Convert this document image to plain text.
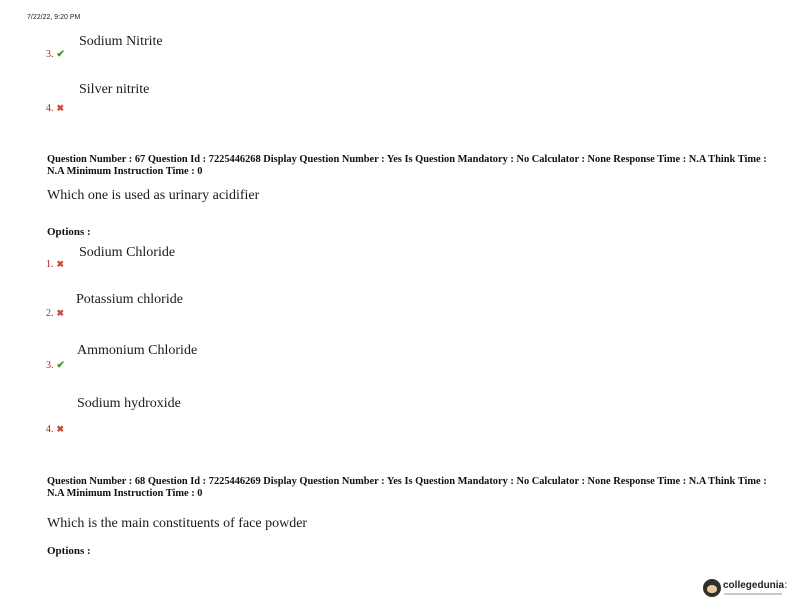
7/22/22, 9:20 PM
Sodium Nitrite
3. ✔
Silver nitrite
4. ✖
Question Number : 67 Question Id : 7225446268 Display Question Number : Yes Is Question Mandatory : No Calculator : None Response Time : N.A Think Time : N.A Minimum Instruction Time : 0
Which one is used as urinary acidifier
Options :
Sodium Chloride
1. ✖
Potassium chloride
2. ✖
Ammonium Chloride
3. ✔
Sodium hydroxide
4. ✖
Question Number : 68 Question Id : 7225446269 Display Question Number : Yes Is Question Mandatory : No Calculator : None Response Time : N.A Think Time : N.A Minimum Instruction Time : 0
Which is the main constituents of face powder
Options :
collegedunia:
